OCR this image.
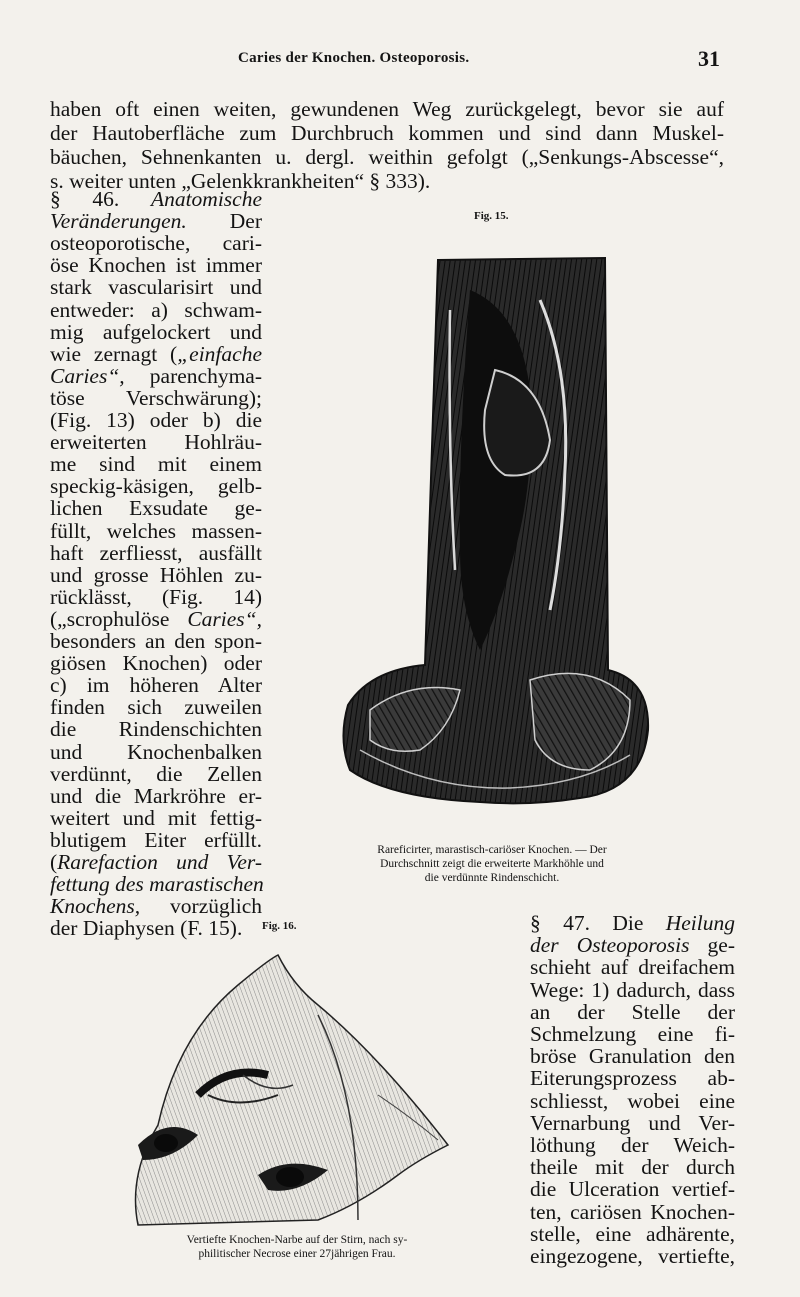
Caries der Knochen. Osteoporosis.	31
haben oft einen weiten, gewundenen Weg zurückgelegt, bevor sie auf
der Hautoberfläche zum Durchbruch kommen und sind dann Muskel-
bäuchen, Sehnenkanten u. dergl. weithin gefolgt („Senkungs-Abscesse“,
s. weiter unten „Gelenkkrankheiten“ § 333).
§ 46. Anatomische
Veränderungen. Der
osteoporotische, cari-
öse Knochen ist immer
stark vascularisirt und
entweder: a) schwam-
mig aufgelockert und
wie zernagt („einfache
Caries“, parenchyma-
töse Verschwärung);
(Fig. 13) oder b) die
erweiterten Hohlräu-
me sind mit einem
speckig-käsigen, gelb-
lichen Exsudate ge-
füllt, welches massen-
haft zerfliesst, ausfällt
und grosse Höhlen zu-
rücklässt, (Fig. 14)
(„scrophulöse Caries“,
besonders an den spon-
giösen Knochen) oder
c) im höheren Alter
finden sich zuweilen
die Rindenschichten
und Knochenbalken
verdünnt, die Zellen
und die Markröhre er-
weitert und mit fettig-
blutigem Eiter erfüllt.
(Rarefaction und Ver-
fettung des marastischen
Knochens, vorzüglich
der Diaphysen (F. 15).	§ 47. Die Heilung
der Osteoporosis ge-
schieht auf dreifachem
Wege: 1) dadurch, dass
an der Stelle der
Schmelzung eine fi-
bröse Granulation den
Eiterungsprozess ab-
schliesst, wobei eine
Vernarbung und Ver-
löthung der Weich-
theile mit der durch
die Ulceration vertief-
ten, cariösen Knochen-
stelle, eine adhärente,
eingezogene, vertiefte,
Fig. 15.
Rareficirter, marastisch-cariöser Knochen. — Der
Durchschnitt zeigt die erweiterte Markhöhle und
die verdünnte Rindenschicht.
Fig. 16.
Vertiefte Knochen-Narbe auf der Stirn, nach sy-
philitischer Necrose einer 27jährigen Frau.
